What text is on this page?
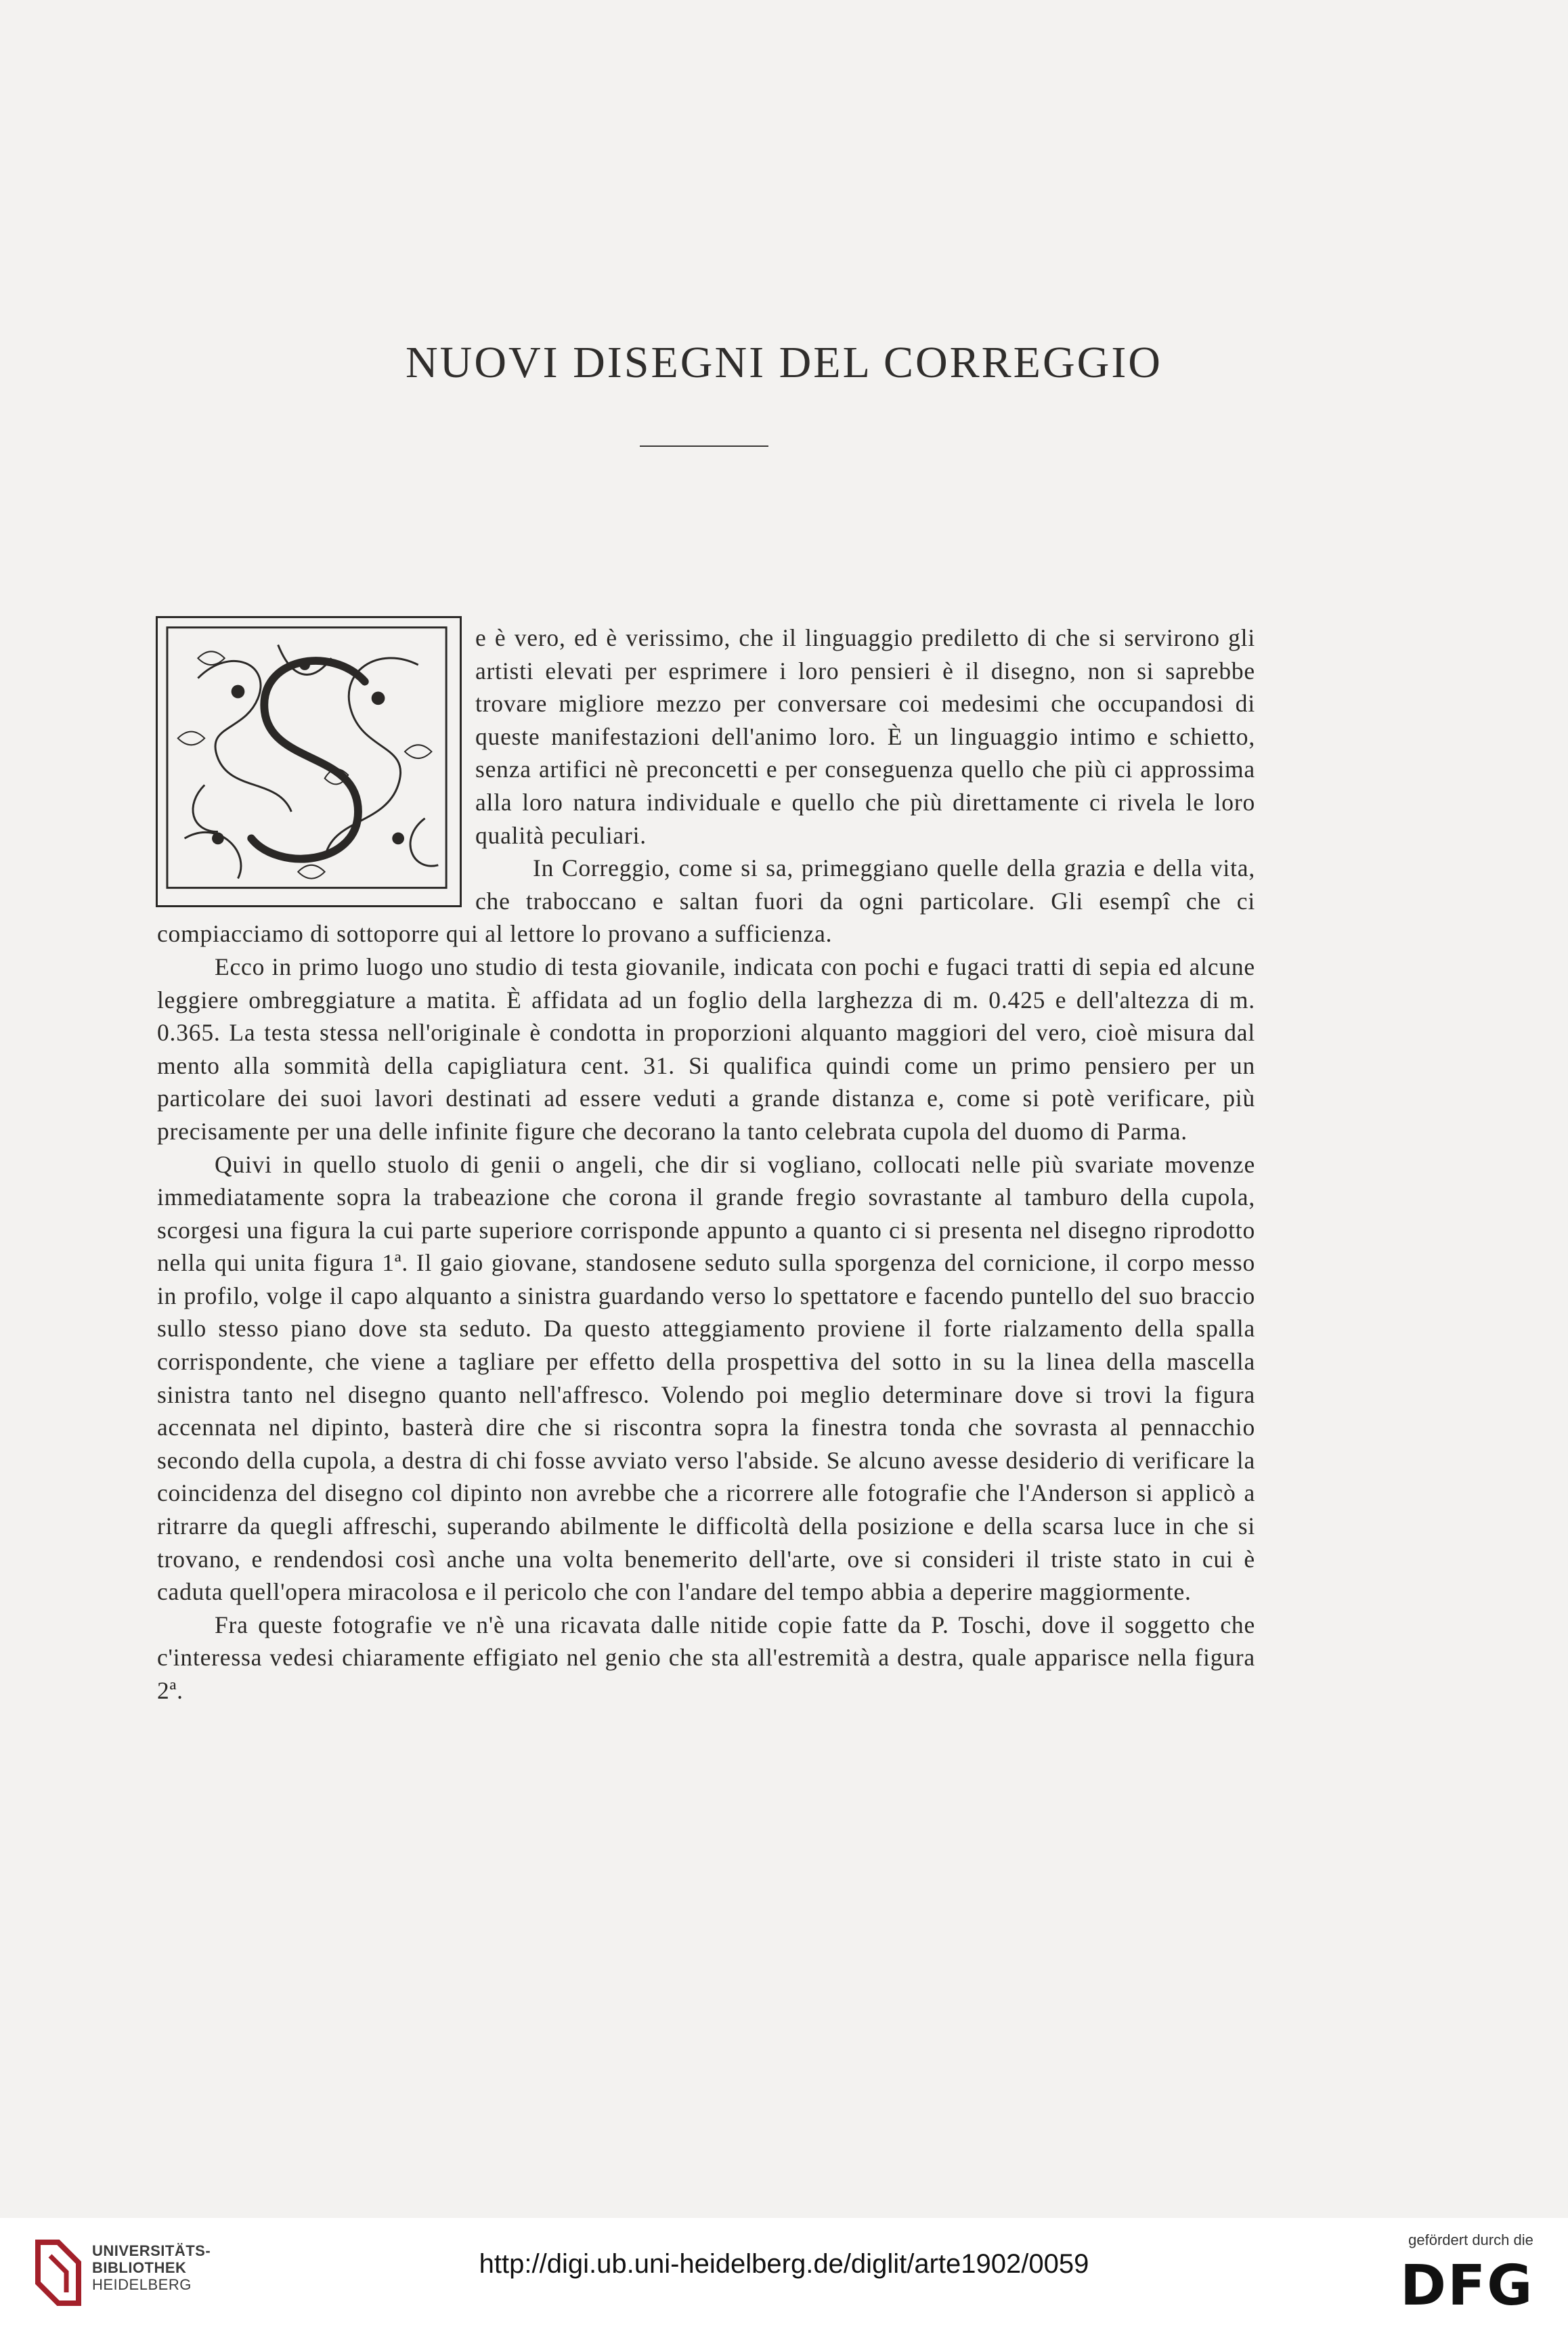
NUOVI DISEGNI DEL CORREGGIO

e è vero, ed è verissimo, che il linguaggio prediletto di che si servirono gli artisti elevati per esprimere i loro pensieri è il disegno, non si saprebbe trovare migliore mezzo per conversare coi medesimi che occupandosi di queste manifestazioni dell'animo loro. È un linguaggio intimo e schietto, senza artifici nè preconcetti e per conseguenza quello che più ci approssima alla loro natura individuale e quello che più direttamente ci rivela le loro qualità peculiari.

In Correggio, come si sa, primeggiano quelle della grazia e della vita, che traboccano e saltan fuori da ogni particolare. Gli esempî che ci compiacciamo di sottoporre qui al lettore lo provano a sufficienza.

Ecco in primo luogo uno studio di testa giovanile, indicata con pochi e fugaci tratti di sepia ed alcune leggiere ombreggiature a matita. È affidata ad un foglio della larghezza di m. 0.425 e dell'altezza di m. 0.365. La testa stessa nell'originale è condotta in proporzioni alquanto maggiori del vero, cioè misura dal mento alla sommità della capigliatura cent. 31. Si qualifica quindi come un primo pensiero per un particolare dei suoi lavori destinati ad essere veduti a grande distanza e, come si potè verificare, più precisamente per una delle infinite figure che decorano la tanto celebrata cupola del duomo di Parma.

Quivi in quello stuolo di genii o angeli, che dir si vogliano, collocati nelle più svariate movenze immediatamente sopra la trabeazione che corona il grande fregio sovrastante al tamburo della cupola, scorgesi una figura la cui parte superiore corrisponde appunto a quanto ci si presenta nel disegno riprodotto nella qui unita figura 1ª. Il gaio giovane, standosene seduto sulla sporgenza del cornicione, il corpo messo in profilo, volge il capo alquanto a sinistra guardando verso lo spettatore e facendo puntello del suo braccio sullo stesso piano dove sta seduto. Da questo atteggiamento proviene il forte rialzamento della spalla corrispondente, che viene a tagliare per effetto della prospettiva del sotto in su la linea della mascella sinistra tanto nel disegno quanto nell'affresco. Volendo poi meglio determinare dove si trovi la figura accennata nel dipinto, basterà dire che si riscontra sopra la finestra tonda che sovrasta al pennacchio secondo della cupola, a destra di chi fosse avviato verso l'abside. Se alcuno avesse desiderio di verificare la coincidenza del disegno col dipinto non avrebbe che a ricorrere alle fotografie che l'Anderson si applicò a ritrarre da quegli affreschi, superando abilmente le difficoltà della posizione e della scarsa luce in che si trovano, e rendendosi così anche una volta benemerito dell'arte, ove si consideri il triste stato in cui è caduta quell'opera miracolosa e il pericolo che con l'andare del tempo abbia a deperire maggiormente.

Fra queste fotografie ve n'è una ricavata dalle nitide copie fatte da P. Toschi, dove il soggetto che c'interessa vedesi chiaramente effigiato nel genio che sta all'estremità a destra, quale apparisce nella figura 2ª.

UNIVERSITÄTS-
BIBLIOTHEK
HEIDELBERG
http://digi.ub.uni-heidelberg.de/diglit/arte1902/0059
gefördert durch die
DFG
